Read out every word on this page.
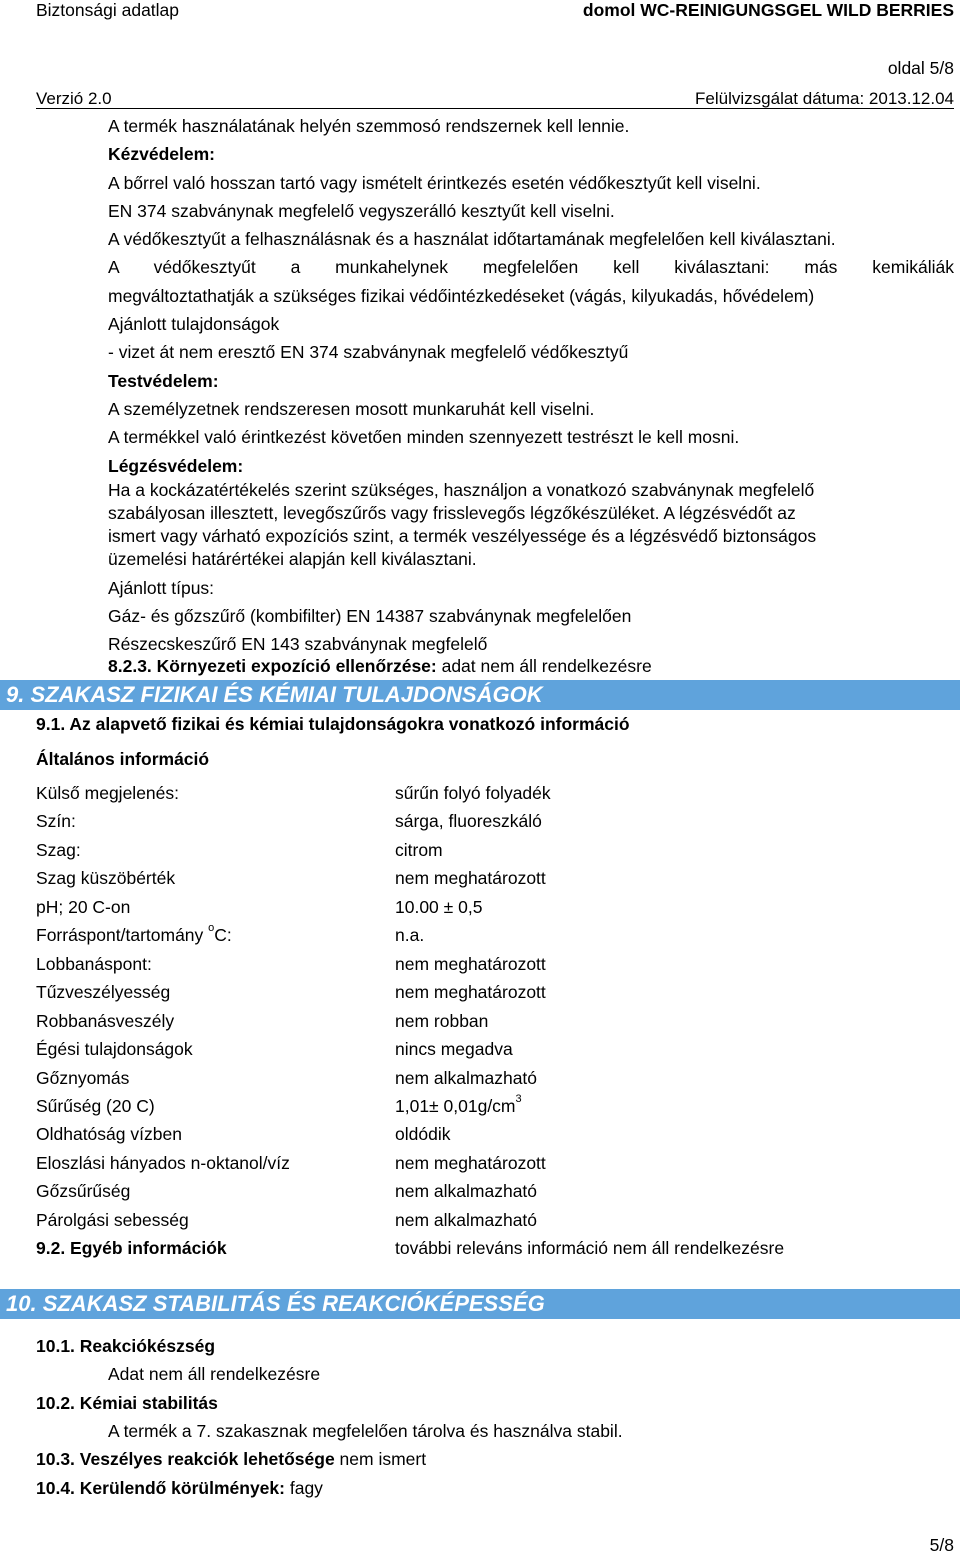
Biztonsági adatlap	domol WC-REINIGUNGSGEL WILD BERRIES
oldal 5/8
Verzió 2.0	Felülvizsgálat dátuma: 2013.12.04
A termék használatának helyén szemmosó rendszernek kell lennie.
Kézvédelem:
A bőrrel való hosszan tartó vagy ismételt érintkezés esetén védőkesztyűt kell viselni.
EN 374 szabványnak megfelelő vegyszerálló kesztyűt kell viselni.
A védőkesztyűt a felhasználásnak és a használat időtartamának megfelelően kell kiválasztani.
A védőkesztyűt a munkahelynek megfelelően kell kiválasztani: más kemikáliák
megváltoztathatják a szükséges fizikai védőintézkedéseket (vágás, kilyukadás, hővédelem)
Ajánlott tulajdonságok
- vizet át nem eresztő EN 374 szabványnak megfelelő védőkesztyű
Testvédelem:
A személyzetnek rendszeresen mosott munkaruhát kell viselni.
A termékkel való érintkezést követően minden szennyezett testrészt le kell mosni.
Légzésvédelem:
Ha a kockázatértékelés szerint szükséges, használjon a vonatkozó szabványnak megfelelő
szabályosan illesztett, levegőszűrős vagy frisslevegős légzőkészüléket. A légzésvédőt az
ismert vagy várható expozíciós szint, a termék veszélyessége és a légzésvédő biztonságos
üzemelési határértékei alapján kell kiválasztani.
Ajánlott típus:
Gáz- és gőzszűrő (kombifilter) EN 14387 szabványnak megfelelően
Részecskeszűrő EN 143 szabványnak megfelelő
8.2.3. Környezeti expozíció ellenőrzése: adat nem áll rendelkezésre
9. SZAKASZ FIZIKAI ÉS KÉMIAI TULAJDONSÁGOK
9.1. Az alapvető fizikai és kémiai tulajdonságokra vonatkozó információ
Általános információ
Külső megjelenés:	sűrűn folyó folyadék
Szín:	sárga, fluoreszkáló
Szag:	citrom
Szag küszöbérték	nem meghatározott
pH; 20 C-on	10.00 ± 0,5
Forráspont/tartomány $^o$C:	n.a.
Lobbanáspont:	nem meghatározott
Tűzveszélyesség	nem meghatározott
Robbanásveszély	nem robban
Égési tulajdonságok	nincs megadva
Gőznyomás	nem alkalmazható
Sűrűség (20 C)	$1,01\pm 0,01g/cm^3$
Oldhatóság vízben	oldódik
Eloszlási hányados n-oktanol/víz	nem meghatározott
Gőzsűrűség	nem alkalmazható
Párolgási sebesség	nem alkalmazható
9.2. Egyéb információk	további releváns információ nem áll rendelkezésre
10. SZAKASZ STABILITÁS ÉS REAKCIÓKÉPESSÉG
10.1. Reakciókészség
Adat nem áll rendelkezésre
10.2. Kémiai stabilitás
A termék a 7. szakasznak megfelelően tárolva és használva stabil.
10.3. Veszélyes reakciók lehetősége nem ismert
10.4. Kerülendő körülmények: fagy
5/8
